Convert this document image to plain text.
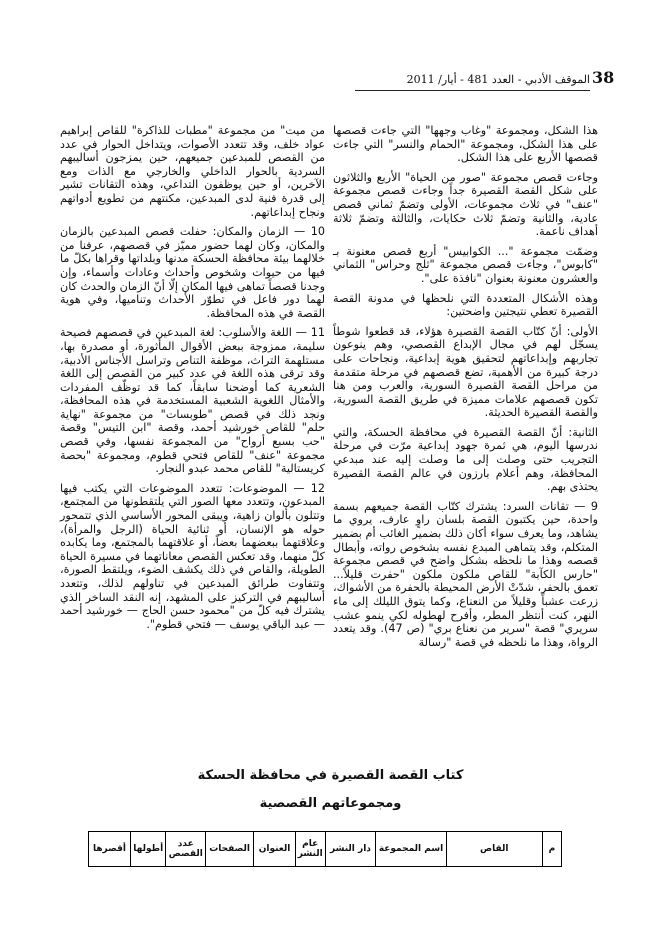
الموقف الأدبي - العدد 481 - أيار/ 2011 38

هذا الشكل، ومجموعة "وغاب وجهها" التي جاءت قصصها على هذا الشكل، ومجموعة "الحمام والنسر" التي جاءت قصصها الأربع على هذا الشكل.

وجاءت قصص مجموعة "صور من الحياة" الأربع والثلاثون على شكل القصة القصيرة جداً وجاءت قصص مجموعة "عنف" في ثلاث مجموعات، الأولى وتضمّ ثماني قصص عادية، والثانية وتضمّ ثلاث حكايات، والثالثة وتضمّ ثلاثة أهداف ناعمة.

وضمّت مجموعة "... الكوابيس" أربع قصص معنونة بـ "كابوس"، وجاءت قصص مجموعة "ثلج وحراس" الثماني والعشرون معنونة بعنوان "نافذة على".

وهذه الأشكال المتعددة التي نلحظها في مدونة القصة القصيرة تعطي نتيجتين واضحتين:

الأولى: أنّ كتّاب القصة القصيرة هؤلاء، قد قطعوا شوطاً يسجّل لهم في مجال الإبداع القصصي، وهم ينوعون تجاربهم وإبداعاتهم لتحقيق هوية إبداعية، ونجاحات على درجة كبيرة من الأهمية، تضع قصصهم في مرحلة متقدمة من مراحل القصة القصيرة السورية، والعرب ومن هنا تكون قصصهم علامات مميزة في طريق القصة السورية، والقصة القصيرة الحديثة.

الثانية: أنّ القصة القصيرة في محافظة الحسكة، والتي ندرسها اليوم، هي ثمرة جهود إبداعية مرّت في مرحلة التجريب حتى وصلت إلى ما وصلت إليه عند مبدعي المحافظة، وهم أعلام بارزون في عالم القصة القصيرة يحتذى بهم.

9 — تقانات السرد: يشترك كتّاب القصة جميعهم بسمة واحدة، حين يكتبون القصة بلسان راوٍ عارف، يروي ما يشاهد، وما يعرف سواء أكان ذلك بضمير الغائب أم بضمير المتكلم، وقد يتماهى المبدع نفسه بشخوص رواته، وأبطال قصصه وهذا ما نلحظه بشكل واضح في قصص مجموعة "حارس الكآبة" للقاص ملكون ملكون "حفرت قليلاً... تعمق بالحفر، شدّتْ الأرض المحيطة بالحفرة من الأشواك، زرعت عشباً وقليلاً من النعناع، وكما يتوق الليلك إلى ماء النهر، كنت أنتظر المطر، وأفرح لهطوله لكي ينمو عشب سريري" قصة "سرير من نعناع بري" (ص 47). وقد يتعدد الرواة، وهذا ما نلحظه في قصة "رسالة

من ميت" من مجموعة "مطبات للذاكرة" للقاص إبراهيم عواد خلف، وقد تتعدد الأصوات، ويتداخل الحوار في عدد من القصص للمبدعين جميعهم، حين يمزجون أساليبهم السردية بالحوار الداخلي والخارجي مع الذات ومع الآخرين، أو حين يوظفون التداعي، وهذه التقانات تشير إلى قدرة فنية لدى المبدعين، مكنتهم من تطويع أدواتهم ونجاح إبداعاتهم.

10 — الزمان والمكان: حفلت قصص المبدعين بالزمان والمكان، وكان لهما حضور مميّز في قصصهم، عرفنا من خلالهما بيئة محافظة الحسكة مدنها وبلداتها وقراها بكلّ ما فيها من حيوات وشخوص وأحداث وعادات وأسماء، وإن وجدنا قصصاً تماهى فيها المكان إلّا أنّ الزمان والحدث كان لهما دور فاعل في تطوّر الأحداث وتناميها، وفي هوية القصة في هذه المحافظة.

11 — اللغة والأسلوب: لغة المبدعين في قصصهم فصيحة سليمة، ممزوجة ببعض الأقوال المأثورة، أو مصدرة بها، مستلهمة التراث، موظفة التناص وتراسل الأجناس الأدبية، وقد ترقى هذه اللغة في عدد كبير من القصص إلى اللغة الشعرية كما أوضحنا سابقاً، كما قد توظّف المفردات والأمثال اللغوية الشعبية المستخدمة في هذه المحافظة، ونجد ذلك في قصص "طوبسات" من مجموعة "نهاية حلم" للقاص خورشيد أحمد، وقصة "ابن التيس" وقصة "حب بسبع أرواح" من المجموعة نفسها، وفي قصص مجموعة "عنف" للقاص فتحي قطوم، ومجموعة "بحصة كريستالية" للقاص محمد عبدو النجار.

12 — الموضوعات: تتعدد الموضوعات التي يكتب فيها المبدعون، وتتعدد معها الصور التي يلتقطونها من المجتمع، وتتلون بألوان زاهية، ويبقى المحور الأساسي الذي تتمحور حوله هو الإنسان، أو ثنائية الحياة (الرجل والمرأة)، وعلاقتهما ببعضهما بعضاً، أو علاقتهما بالمجتمع، وما يكابده كلّ منهما، وقد تعكس القصص معاناتهما في مسيرة الحياة الطويلة، والقاص في ذلك يكشف الضوء، ويلتقط الصورة، وتتفاوت طرائق المبدعين في تناولهم لذلك، وتتعدد أساليبهم في التركيز على المشهد، إنه النقد الساخر الذي يشترك فيه كلّ من "محمود حسن الحاج — خورشيد أحمد — عبد الباقي يوسف — فتحي قطوم".

كتاب القصة القصيرة في محافظة الحسكة
ومجموعاتهم القصصية
م	القاص	اسم المجموعة	دار النشر	عام النشر	العنوان	الصفحات	عدد القصص	أطولها	أقصرها
